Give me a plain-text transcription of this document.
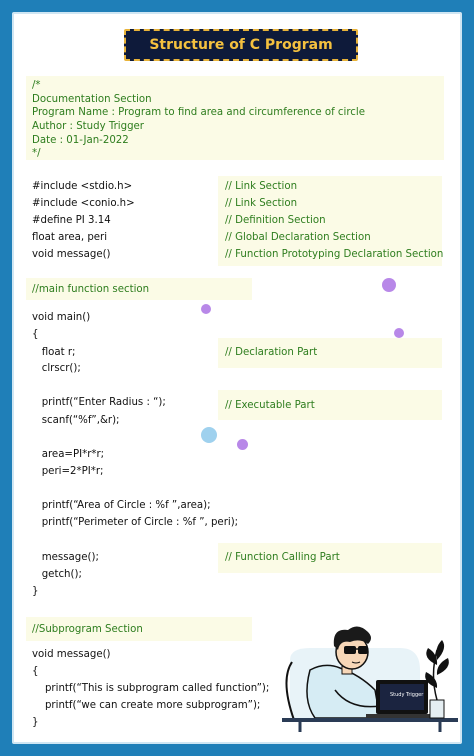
Structure of C Program
/*
Documentation Section
Program Name : Program to find area and circumference of circle
Author : Study Trigger
Date : 01-Jan-2022
*/
#include <stdio.h>
#include <conio.h>
#define PI 3.14
float area, peri
void message()
// Link Section
// Link Section
// Definition Section
// Global Declaration Section
// Function Prototyping Declaration Section
//main function section
void main()
{
float r;
clrscr();
printf(“Enter Radius : “);
scanf(“%f”,&r);
area=PI*r*r;
peri=2*PI*r;
printf(“Area of Circle : %f ”,area);
printf(“Perimeter of Circle : %f ”, peri);
message();
getch();
}
// Declaration Part
// Executable Part
// Function Calling Part
//Subprogram Section
void message()
{
printf(“This is subprogram called function”);
printf(“we can create more subprogram”);
}
Study Trigger
